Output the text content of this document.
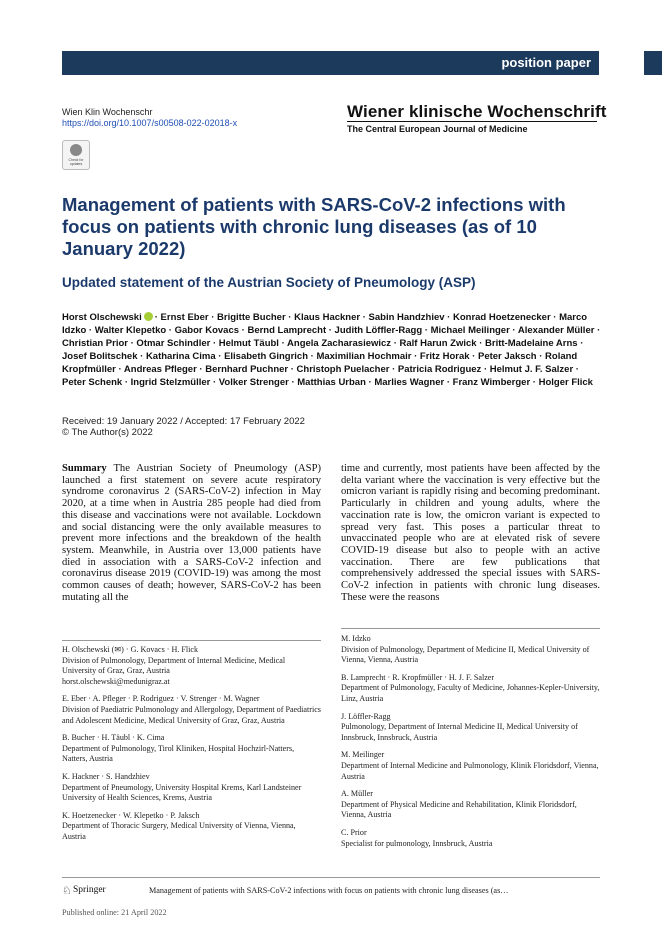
position paper
Wien Klin Wochenschr
https://doi.org/10.1007/s00508-022-02018-x
Wiener klinische Wochenschrift
The Central European Journal of Medicine
Check for updates
Management of patients with SARS-CoV-2 infections with focus on patients with chronic lung diseases (as of 10 January 2022)
Updated statement of the Austrian Society of Pneumology (ASP)
Horst Olschewski · Ernst Eber · Brigitte Bucher · Klaus Hackner · Sabin Handzhiev · Konrad Hoetzenecker · Marco Idzko · Walter Klepetko · Gabor Kovacs · Bernd Lamprecht · Judith Löffler-Ragg · Michael Meilinger · Alexander Müller · Christian Prior · Otmar Schindler · Helmut Täubl · Angela Zacharasiewicz · Ralf Harun Zwick · Britt-Madelaine Arns · Josef Bolitschek · Katharina Cima · Elisabeth Gingrich · Maximilian Hochmair · Fritz Horak · Peter Jaksch · Roland Kropfmüller · Andreas Pfleger · Bernhard Puchner · Christoph Puelacher · Patricia Rodriguez · Helmut J. F. Salzer · Peter Schenk · Ingrid Stelzmüller · Volker Strenger · Matthias Urban · Marlies Wagner · Franz Wimberger · Holger Flick
Received: 19 January 2022 / Accepted: 17 February 2022
© The Author(s) 2022
Summary The Austrian Society of Pneumology (ASP) launched a first statement on severe acute respiratory syndrome coronavirus 2 (SARS-CoV-2) infection in May 2020, at a time when in Austria 285 people had died from this disease and vaccinations were not available. Lockdown and social distancing were the only available measures to prevent more infections and the breakdown of the health system. Meanwhile, in Austria over 13,000 patients have died in association with a SARS-CoV-2 infection and coronavirus disease 2019 (COVID-19) was among the most common causes of death; however, SARS-CoV-2 has been mutating all the
time and currently, most patients have been affected by the delta variant where the vaccination is very effective but the omicron variant is rapidly rising and becoming predominant. Particularly in children and young adults, where the vaccination rate is low, the omicron variant is expected to spread very fast. This poses a particular threat to unvaccinated people who are at elevated risk of severe COVID-19 disease but also to people with an active vaccination. There are few publications that comprehensively addressed the special issues with SARS-CoV-2 infection in patients with chronic lung diseases. These were the reasons

H. Olschewski (✉) · G. Kovacs · H. Flick
Division of Pulmonology, Department of Internal Medicine, Medical University of Graz, Graz, Austria
horst.olschewski@medunigraz.at

E. Eber · A. Pfleger · P. Rodriguez · V. Strenger · M. Wagner
Division of Paediatric Pulmonology and Allergology, Department of Paediatrics and Adolescent Medicine, Medical University of Graz, Graz, Austria

B. Bucher · H. Täubl · K. Cima
Department of Pulmonology, Tirol Kliniken, Hospital Hochzirl-Natters, Natters, Austria

K. Hackner · S. Handzhiev
Department of Pneumology, University Hospital Krems, Karl Landsteiner University of Health Sciences, Krems, Austria

K. Hoetzenecker · W. Klepetko · P. Jaksch
Department of Thoracic Surgery, Medical University of Vienna, Vienna, Austria

M. Idzko
Division of Pulmonology, Department of Medicine II, Medical University of Vienna, Vienna, Austria

B. Lamprecht · R. Kropfmüller · H. J. F. Salzer
Department of Pulmonology, Faculty of Medicine, Johannes-Kepler-University, Linz, Austria

J. Löffler-Ragg
Pulmonology, Department of Internal Medicine II, Medical University of Innsbruck, Innsbruck, Austria

M. Meilinger
Department of Internal Medicine and Pulmonology, Klinik Floridsdorf, Vienna, Austria

A. Müller
Department of Physical Medicine and Rehabilitation, Klinik Floridsdorf, Vienna, Austria

C. Prior
Specialist for pulmonology, Innsbruck, Austria

♘ Springer	Management of patients with SARS-CoV-2 infections with focus on patients with chronic lung diseases (as…
Published online: 21 April 2022
